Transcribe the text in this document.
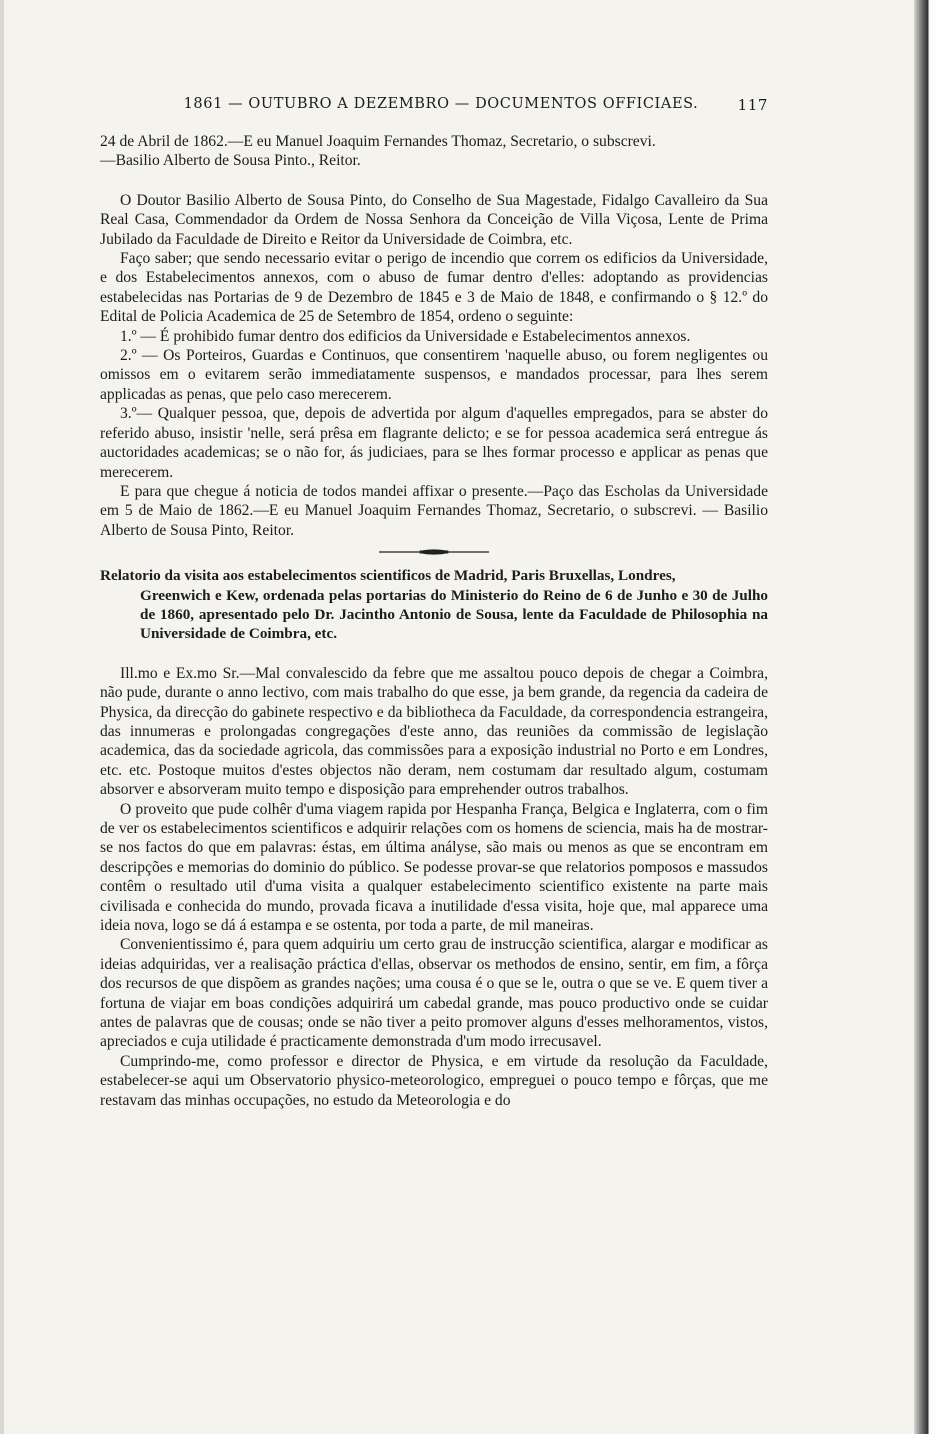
1861 — OUTUBRO A DEZEMBRO — DOCUMENTOS OFFICIAES.	117

24 de Abril de 1862.—E eu Manuel Joaquim Fernandes Thomaz, Secretario, o subscrevi.

—Basilio Alberto de Sousa Pinto., Reitor.

O Doutor Basilio Alberto de Sousa Pinto, do Conselho de Sua Magestade, Fidalgo Cavalleiro da Sua Real Casa, Commendador da Ordem de Nossa Senhora da Conceição de Villa Viçosa, Lente de Prima Jubilado da Faculdade de Direito e Reitor da Universidade de Coimbra, etc.

Faço saber; que sendo necessario evitar o perigo de incendio que correm os edificios da Universidade, e dos Estabelecimentos annexos, com o abuso de fumar dentro d'elles: adoptando as providencias estabelecidas nas Portarias de 9 de Dezembro de 1845 e 3 de Maio de 1848, e confirmando o § 12.º do Edital de Policia Academica de 25 de Setembro de 1854, ordeno o seguinte:

1.º — É prohibido fumar dentro dos edificios da Universidade e Estabelecimentos annexos.

2.º — Os Porteiros, Guardas e Continuos, que consentirem 'naquelle abuso, ou forem negligentes ou omissos em o evitarem serão immediatamente suspensos, e mandados processar, para lhes serem applicadas as penas, que pelo caso merecerem.

3.º— Qualquer pessoa, que, depois de advertida por algum d'aquelles empregados, para se abster do referido abuso, insistir 'nelle, será prêsa em flagrante delicto; e se for pessoa academica será entregue ás auctoridades academicas; se o não for, ás judiciaes, para se lhes formar processo e applicar as penas que merecerem.

E para que chegue á noticia de todos mandei affixar o presente.—Paço das Escholas da Universidade em 5 de Maio de 1862.—E eu Manuel Joaquim Fernandes Thomaz, Secretario, o subscrevi. — Basilio Alberto de Sousa Pinto, Reitor.

Relatorio da visita aos estabelecimentos scientificos de Madrid, Paris Bruxellas, Londres,
Greenwich e Kew, ordenada pelas portarias do Ministerio do Reino de 6 de Junho e 30 de Julho de 1860, apresentado pelo Dr. Jacintho Antonio de Sousa, lente da Faculdade de Philosophia na Universidade de Coimbra, etc.

Ill.mo e Ex.mo Sr.—Mal convalescido da febre que me assaltou pouco depois de chegar a Coimbra, não pude, durante o anno lectivo, com mais trabalho do que esse, ja bem grande, da regencia da cadeira de Physica, da direcção do gabinete respectivo e da bibliotheca da Faculdade, da correspondencia estrangeira, das innumeras e prolongadas congregações d'este anno, das reuniões da commissão de legislação academica, das da sociedade agricola, das commissões para a exposição industrial no Porto e em Londres, etc. etc. Postoque muitos d'estes objectos não deram, nem costumam dar resultado algum, costumam absorver e absorveram muito tempo e disposição para emprehender outros trabalhos.

O proveito que pude colhêr d'uma viagem rapida por Hespanha França, Belgica e Inglaterra, com o fim de ver os estabelecimentos scientificos e adquirir relações com os homens de sciencia, mais ha de mostrar-se nos factos do que em palavras: éstas, em última anályse, são mais ou menos as que se encontram em descripções e memorias do dominio do público. Se podesse provar-se que relatorios pomposos e massudos contêm o resultado util d'uma visita a qualquer estabelecimento scientifico existente na parte mais civilisada e conhecida do mundo, provada ficava a inutilidade d'essa visita, hoje que, mal apparece uma ideia nova, logo se dá á estampa e se ostenta, por toda a parte, de mil maneiras.

Convenientissimo é, para quem adquiriu um certo grau de instrucção scientifica, alargar e modificar as ideias adquiridas, ver a realisação práctica d'ellas, observar os methodos de ensino, sentir, em fim, a fôrça dos recursos de que dispõem as grandes nações; uma cousa é o que se le, outra o que se ve. E quem tiver a fortuna de viajar em boas condições adquirirá um cabedal grande, mas pouco productivo onde se cuidar antes de palavras que de cousas; onde se não tiver a peito promover alguns d'esses melhoramentos, vistos, apreciados e cuja utilidade é practicamente demonstrada d'um modo irrecusavel.

Cumprindo-me, como professor e director de Physica, e em virtude da resolução da Faculdade, estabelecer-se aqui um Observatorio physico-meteorologico, empreguei o pouco tempo e fôrças, que me restavam das minhas occupações, no estudo da Meteorologia e do
